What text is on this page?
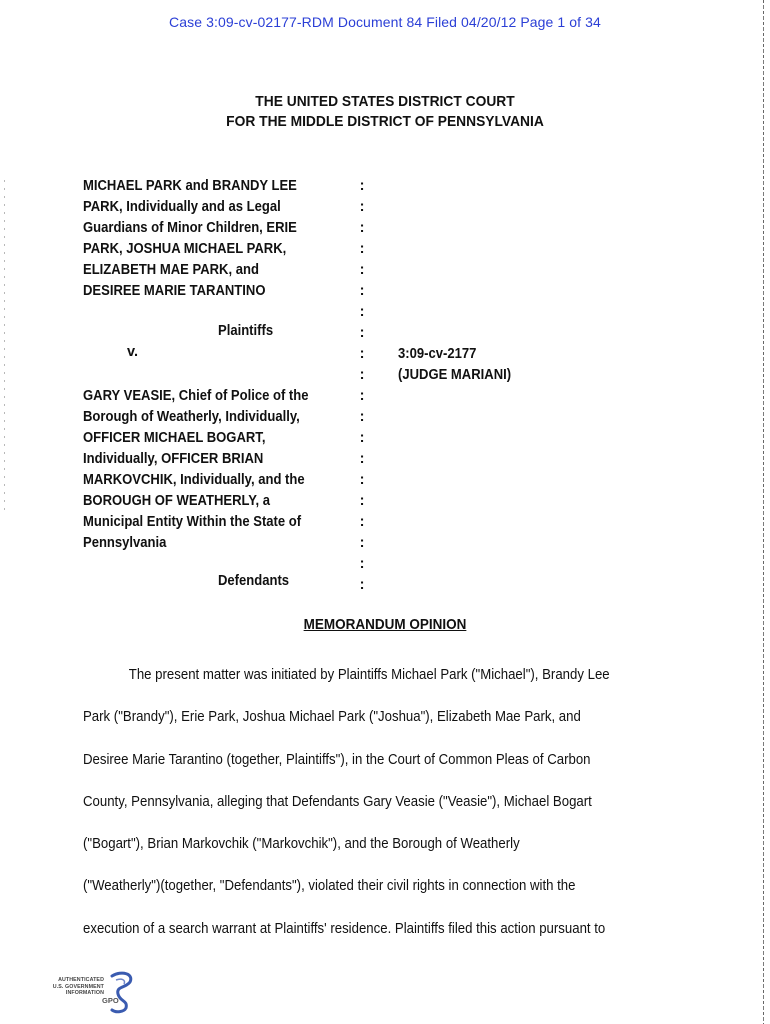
Case 3:09-cv-02177-RDM Document 84 Filed 04/20/12 Page 1 of 34
THE UNITED STATES DISTRICT COURT
FOR THE MIDDLE DISTRICT OF PENNSYLVANIA
MICHAEL PARK and BRANDY LEE
PARK, Individually and as Legal
Guardians of Minor Children, ERIE
PARK, JOSHUA MICHAEL PARK,
ELIZABETH MAE PARK, and
DESIREE MARIE TARANTINO
Plaintiffs
v.
GARY VEASIE, Chief of Police of the
Borough of Weatherly, Individually,
OFFICER MICHAEL BOGART,
Individually, OFFICER BRIAN
MARKOVCHIK, Individually, and the
BOROUGH OF WEATHERLY, a
Municipal Entity Within the State of
Pennsylvania
Defendants
:
:
:
:
:
:
:
:
:
:
:
:
:
:
:
:
:
:
:
:
3:09-cv-2177
(JUDGE MARIANI)
MEMORANDUM OPINION
The present matter was initiated by Plaintiffs Michael Park ("Michael"), Brandy Lee
Park ("Brandy"), Erie Park, Joshua Michael Park ("Joshua"), Elizabeth Mae Park, and
Desiree Marie Tarantino (together, Plaintiffs"), in the Court of Common Pleas of Carbon
County, Pennsylvania, alleging that Defendants Gary Veasie ("Veasie"), Michael Bogart
("Bogart"), Brian Markovchik ("Markovchik"), and the Borough of Weatherly
("Weatherly")(together, "Defendants"), violated their civil rights in connection with the
execution of a search warrant at Plaintiffs' residence. Plaintiffs filed this action pursuant to
AUTHENTICATED
U.S. GOVERNMENT
INFORMATION
GPO
